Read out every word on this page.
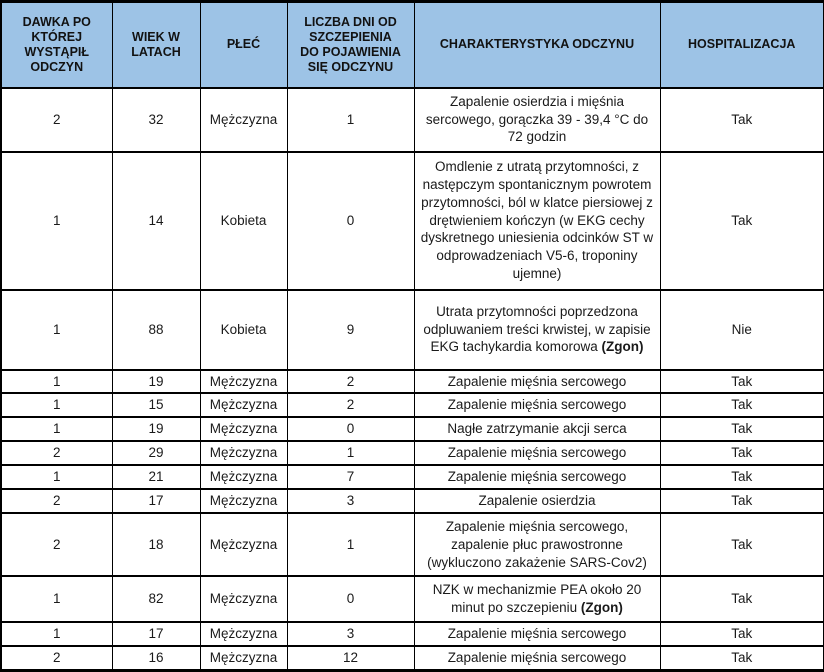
DAWKA PO KTÓREJ WYSTĄPIŁ ODCZYN	WIEK W LATACH	PŁEĆ	LICZBA DNI OD SZCZEPIENIA DO POJAWIENIA SIĘ ODCZYNU	CHARAKTERYSTYKA ODCZYNU	HOSPITALIZACJA
2	32	Mężczyzna	1	Zapalenie osierdzia i mięśnia sercowego, gorączka 39 - 39,4 °C do 72 godzin	Tak
1	14	Kobieta	0	Omdlenie z utratą przytomności, z następczym spontanicznym powrotem przytomności, ból w klatce piersiowej z drętwieniem kończyn (w EKG cechy dyskretnego uniesienia odcinków ST w odprowadzeniach V5-6, troponiny ujemne)	Tak
1	88	Kobieta	9	Utrata przytomności poprzedzona odpluwaniem treści krwistej, w zapisie EKG tachykardia komorowa (Zgon)	Nie
1	19	Mężczyzna	2	Zapalenie mięśnia sercowego	Tak
1	15	Mężczyzna	2	Zapalenie mięśnia sercowego	Tak
1	19	Mężczyzna	0	Nagłe zatrzymanie akcji serca	Tak
2	29	Mężczyzna	1	Zapalenie mięśnia sercowego	Tak
1	21	Mężczyzna	7	Zapalenie mięśnia sercowego	Tak
2	17	Mężczyzna	3	Zapalenie osierdzia	Tak
2	18	Mężczyzna	1	Zapalenie mięśnia sercowego, zapalenie płuc prawostronne (wykluczono zakażenie SARS-Cov2)	Tak
1	82	Mężczyzna	0	NZK w mechanizmie PEA około 20 minut po szczepieniu (Zgon)	Tak
1	17	Mężczyzna	3	Zapalenie mięśnia sercowego	Tak
2	16	Mężczyzna	12	Zapalenie mięśnia sercowego	Tak
